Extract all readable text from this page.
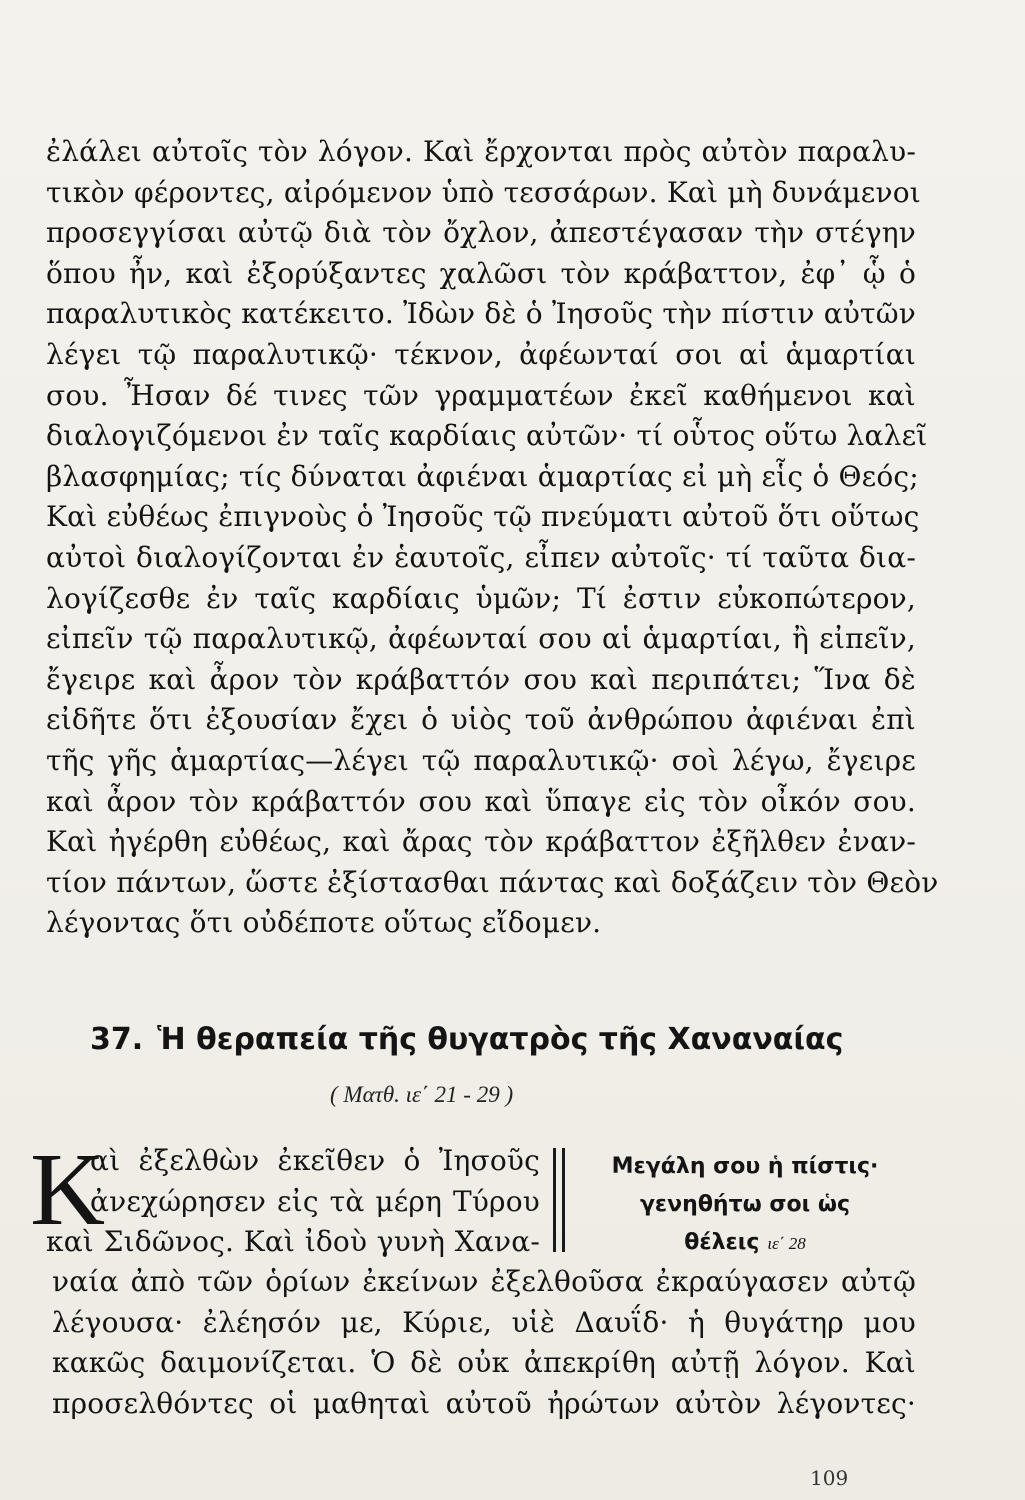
ἐλάλει αὐτοῖς τὸν λόγον. Καὶ ἔρχονται πρὸς αὐτὸν παραλυ-
τικὸν φέροντες, αἰρόμενον ὑπὸ τεσσάρων. Καὶ μὴ δυνάμενοι
προσεγγίσαι αὐτῷ διὰ τὸν ὄχλον, ἀπεστέγασαν τὴν στέγην
ὅπου ἦν, καὶ ἐξορύξαντες χαλῶσι τὸν κράβαττον, ἐφ᾽ ᾧ ὁ
παραλυτικὸς κατέκειτο. Ἰδὼν δὲ ὁ Ἰησοῦς τὴν πίστιν αὐτῶν
λέγει τῷ παραλυτικῷ· τέκνον, ἀφέωνταί σοι αἱ ἁμαρτίαι
σου. Ἦσαν δέ τινες τῶν γραμματέων ἐκεῖ καθήμενοι καὶ
διαλογιζόμενοι ἐν ταῖς καρδίαις αὐτῶν· τί οὗτος οὕτω λαλεῖ
βλασφημίας; τίς δύναται ἀφιέναι ἁμαρτίας εἰ μὴ εἷς ὁ Θεός;
Καὶ εὐθέως ἐπιγνοὺς ὁ Ἰησοῦς τῷ πνεύματι αὐτοῦ ὅτι οὕτως
αὐτοὶ διαλογίζονται ἐν ἑαυτοῖς, εἶπεν αὐτοῖς· τί ταῦτα δια-
λογίζεσθε ἐν ταῖς καρδίαις ὑμῶν; Τί ἐστιν εὐκοπώτερον,
εἰπεῖν τῷ παραλυτικῷ, ἀφέωνταί σου αἱ ἁμαρτίαι, ἢ εἰπεῖν,
ἔγειρε καὶ ἆρον τὸν κράβαττόν σου καὶ περιπάτει; Ἵνα δὲ
εἰδῆτε ὅτι ἐξουσίαν ἔχει ὁ υἱὸς τοῦ ἀνθρώπου ἀφιέναι ἐπὶ
τῆς γῆς ἁμαρτίας—λέγει τῷ παραλυτικῷ· σοὶ λέγω, ἔγειρε
καὶ ἆρον τὸν κράβαττόν σου καὶ ὕπαγε εἰς τὸν οἶκόν σου.
Καὶ ἠγέρθη εὐθέως, καὶ ἄρας τὸν κράβαττον ἐξῆλθεν ἐναν-
τίον πάντων, ὥστε ἐξίστασθαι πάντας καὶ δοξάζειν τὸν Θεὸν
λέγοντας ὅτι οὐδέποτε οὕτως εἴδομεν.
37. Ἡ θεραπεία τῆς θυγατρὸς τῆς Χαναναίας
( Ματθ. ιε΄ 21 - 29 )
Κ
αὶ ἐξελθὼν ἐκεῖθεν ὁ Ἰησοῦς
ἀνεχώρησεν εἰς τὰ μέρη Τύρου
καὶ Σιδῶνος. Καὶ ἰδοὺ γυνὴ Χανα-
Μεγάλη σου ἡ πίστις·
γενηθήτω σοι ὡς
θέλεις ιε΄ 28
ναία ἀπὸ τῶν ὁρίων ἐκείνων ἐξελθοῦσα ἐκραύγασεν αὐτῷ
λέγουσα· ἐλέησόν με, Κύριε, υἱὲ Δαυΐδ· ἡ θυγάτηρ μου
κακῶς δαιμονίζεται. Ὁ δὲ οὐκ ἀπεκρίθη αὐτῇ λόγον. Καὶ
προσελθόντες οἱ μαθηταὶ αὐτοῦ ἠρώτων αὐτὸν λέγοντες·
109
